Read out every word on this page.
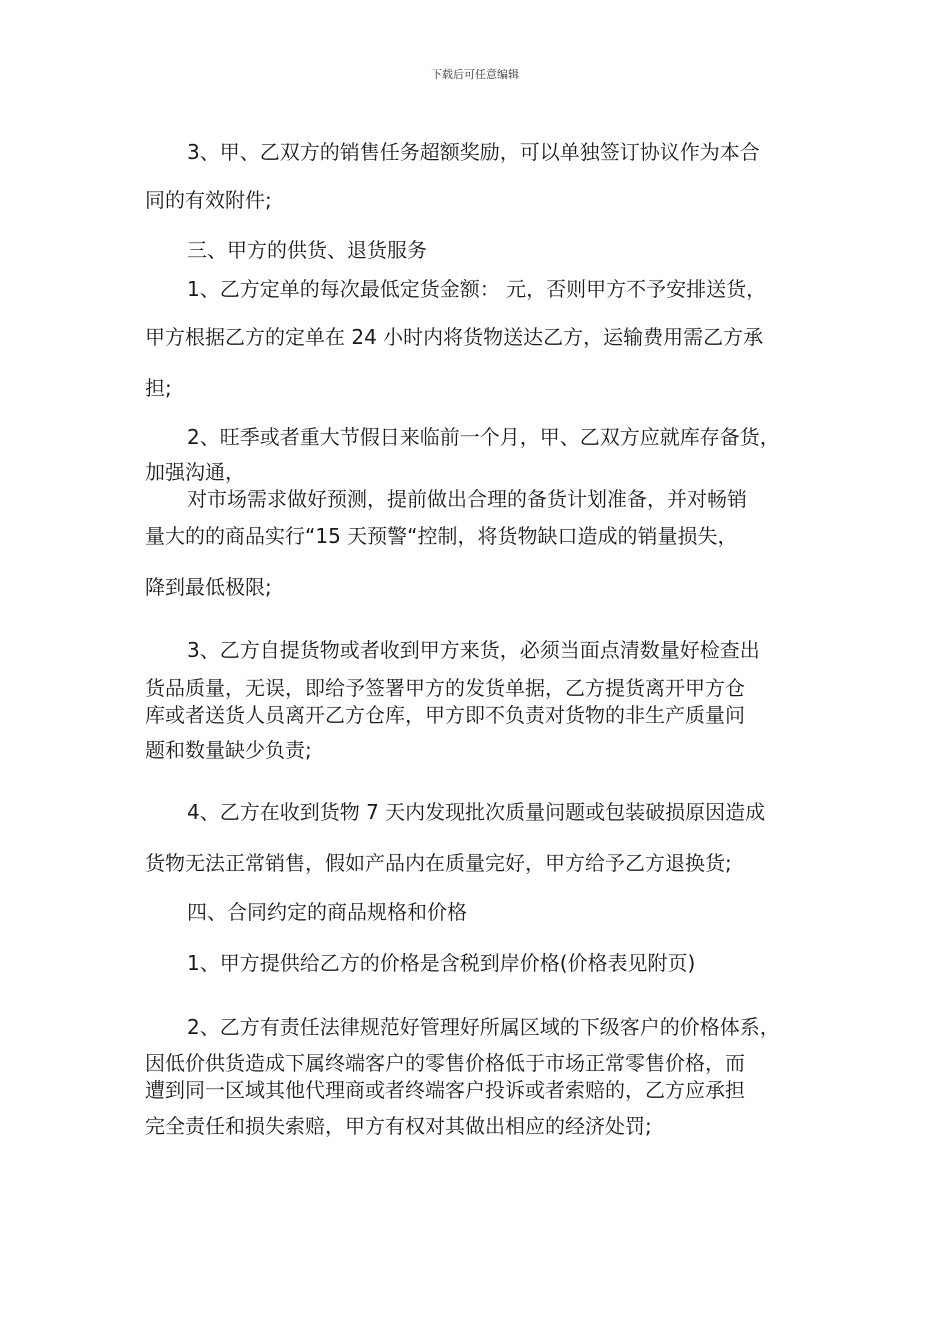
下载后可任意编辑
3、甲、乙双方的销售任务超额奖励，可以单独签订协议作为本合
同的有效附件;
三、甲方的供货、退货服务
1、乙方定单的每次最低定货金额： 元，否则甲方不予安排送货，
甲方根据乙方的定单在 24 小时内将货物送达乙方，运输费用需乙方承
担;
2、旺季或者重大节假日来临前一个月，甲、乙双方应就库存备货，
加强沟通，
对市场需求做好预测，提前做出合理的备货计划准备，并对畅销
量大的的商品实行“15 天预警“控制，将货物缺口造成的销量损失，
降到最低极限;
3、乙方自提货物或者收到甲方来货，必须当面点清数量好检查出
货品质量，无误，即给予签署甲方的发货单据，乙方提货离开甲方仓
库或者送货人员离开乙方仓库，甲方即不负责对货物的非生产质量问
题和数量缺少负责;
4、乙方在收到货物 7 天内发现批次质量问题或包装破损原因造成
货物无法正常销售，假如产品内在质量完好，甲方给予乙方退换货;
四、合同约定的商品规格和价格
1、甲方提供给乙方的价格是含税到岸价格(价格表见附页)
2、乙方有责任法律规范好管理好所属区域的下级客户的价格体系，
因低价供货造成下属终端客户的零售价格低于市场正常零售价格，而
遭到同一区域其他代理商或者终端客户投诉或者索赔的，乙方应承担
完全责任和损失索赔，甲方有权对其做出相应的经济处罚;
